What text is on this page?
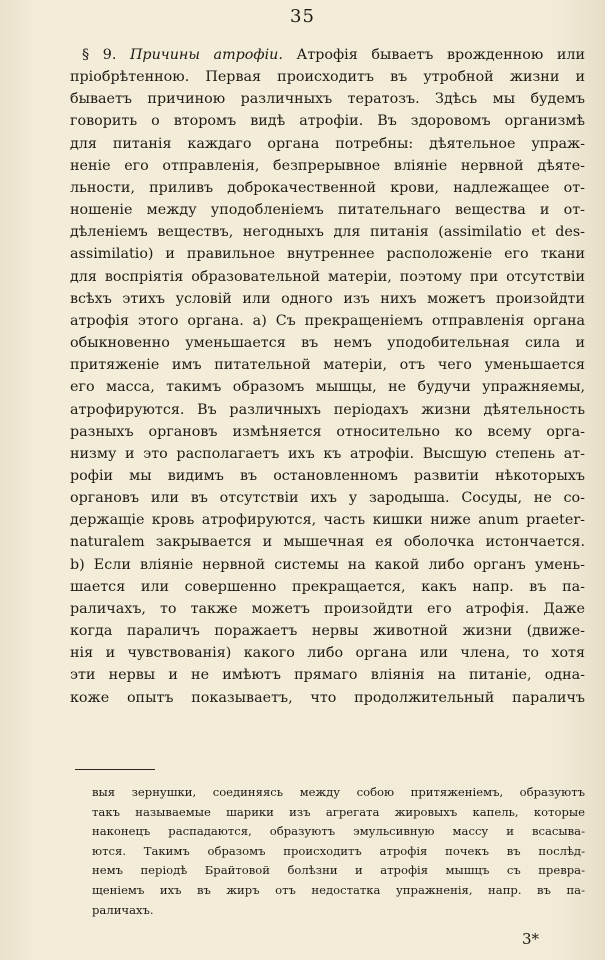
35
§ 9. Причины атрофіи. Атрофія бываетъ врожденною или
пріобрѣтенною. Первая происходитъ въ утробной жизни и
бываетъ причиною различныхъ тератозъ. Здѣсь мы будемъ
говорить о второмъ видѣ атрофіи. Въ здоровомъ организмѣ
для питанія каждаго органа потребны: дѣятельное упраж-
неніе его отправленія, безпрерывное вліяніе нервной дѣяте-
льности, приливъ доброкачественной крови, надлежащее от-
ношеніе между уподобленіемъ питательнаго вещества и от-
дѣленіемъ веществъ, негодныхъ для питанія (assimilatio et des-
assimilatio) и правильное внутреннее расположеніе его ткани
для воспріятія образовательной матеріи, поэтому при отсутствіи
всѣхъ этихъ условій или одного изъ нихъ можетъ произойдти
атрофія этого органа. а) Съ прекращеніемъ отправленія органа
обыкновенно уменьшается въ немъ уподобительная сила и
притяженіе имъ питательной матеріи, отъ чего уменьшается
его масса, такимъ образомъ мышцы, не будучи упражняемы,
атрофируются. Въ различныхъ періодахъ жизни дѣятельность
разныхъ органовъ измѣняется относительно ко всему орга-
низму и это располагаетъ ихъ къ атрофіи. Высшую степень ат-
рофіи мы видимъ въ остановленномъ развитіи нѣкоторыхъ
органовъ или въ отсутствіи ихъ у зародыша. Сосуды, не со-
держащіе кровь атрофируются, часть кишки ниже anum praeter-
naturalem закрывается и мышечная ея оболочка истончается.
b) Если вліяніе нервной системы на какой либо органъ умень-
шается или совершенно прекращается, какъ напр. въ па-
раличахъ, то также можетъ произойдти его атрофія. Даже
когда параличъ поражаетъ нервы животной жизни (движе-
нія и чувствованія) какого либо органа или члена, то хотя
эти нервы и не имѣютъ прямаго вліянія на питаніе, одна-
коже опытъ показываетъ, что продолжительный параличъ
выя зернушки, соединяясь между собою притяженіемъ, образуютъ
такъ называемые шарики изъ агрегата жировыхъ капель, которые
наконецъ распадаются, образуютъ эмульсивную массу и всасыва-
ются. Такимъ образомъ происходитъ атрофія почекъ въ послѣд-
немъ періодѣ Брайтовой болѣзни и атрофія мышцъ съ превра-
щеніемъ ихъ въ жиръ отъ недостатка упражненія, напр. въ па-
раличахъ.
3*
